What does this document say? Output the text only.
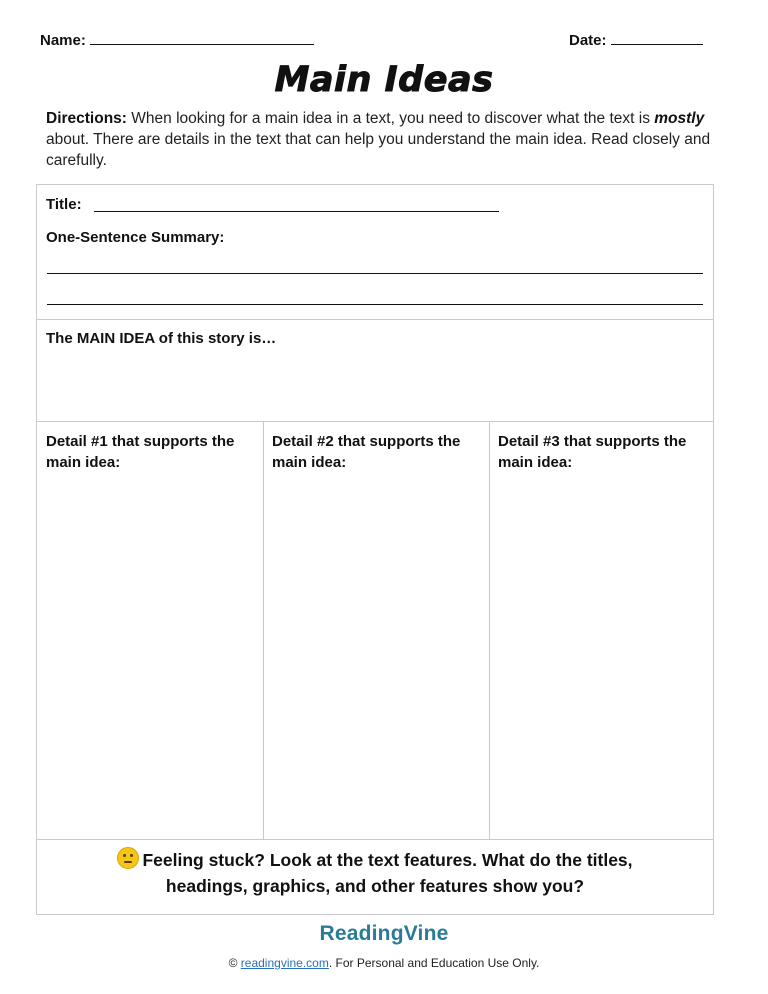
Name:	Date:
Main Ideas
Directions: When looking for a main idea in a text, you need to discover what the text is mostly about. There are details in the text that can help you understand the main idea. Read closely and carefully.
Title:
One-Sentence Summary:
The MAIN IDEA of this story is…
Detail #1 that supports the main idea:
Detail #2 that supports the main idea:
Detail #3 that supports the main idea:
Feeling stuck? Look at the text features. What do the titles,
headings, graphics, and other features show you?
ReadingVine
© readingvine.com. For Personal and Education Use Only.
